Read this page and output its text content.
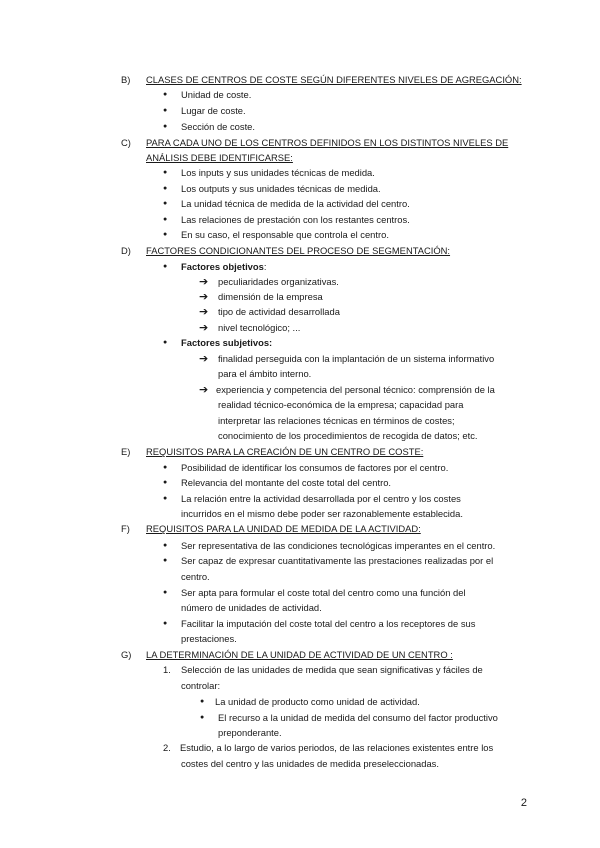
B) CLASES DE CENTROS DE COSTE SEGÚN DIFERENTES NIVELES DE AGREGACIÓN:
● Unidad de coste.
● Lugar de coste.
● Sección de coste.
C) PARA CADA UNO DE LOS CENTROS DEFINIDOS EN LOS DISTINTOS NIVELES DE
ANÁLISIS DEBE IDENTIFICARSE:
● Los inputs y sus unidades técnicas de medida.
● Los outputs y sus unidades técnicas de medida.
● La unidad técnica de medida de la actividad del centro.
● Las relaciones de prestación con los restantes centros.
● En su caso, el responsable que controla el centro.
D) FACTORES CONDICIONANTES DEL PROCESO DE SEGMENTACIÓN:
● Factores objetivos:
➔ peculiaridades organizativas.
➔ dimensión de la empresa
➔ tipo de actividad desarrollada
➔ nivel tecnológico; ...
● Factores subjetivos:
➔ finalidad perseguida con la implantación de un sistema informativo
para el ámbito interno.
➔ experiencia y competencia del personal técnico: comprensión de la
realidad técnico-económica de la empresa; capacidad para
interpretar las relaciones técnicas en términos de costes;
conocimiento de los procedimientos de recogida de datos; etc.
E) REQUISITOS PARA LA CREACIÓN DE UN CENTRO DE COSTE:
● Posibilidad de identificar los consumos de factores por el centro.
● Relevancia del montante del coste total del centro.
● La relación entre la actividad desarrollada por el centro y los costes
incurridos en el mismo debe poder ser razonablemente establecida.
F) REQUISITOS PARA LA UNIDAD DE MEDIDA DE LA ACTIVIDAD:
● Ser representativa de las condiciones tecnológicas imperantes en el centro.
● Ser capaz de expresar cuantitativamente las prestaciones realizadas por el
centro.
● Ser apta para formular el coste total del centro como una función del
número de unidades de actividad.
● Facilitar la imputación del coste total del centro a los receptores de sus
prestaciones.
G) LA DETERMINACIÓN DE LA UNIDAD DE ACTIVIDAD DE UN CENTRO :
1. Selección de las unidades de medida que sean significativas y fáciles de
controlar:
● La unidad de producto como unidad de actividad.
● El recurso a la unidad de medida del consumo del factor productivo
preponderante.
2. Estudio, a lo largo de varios periodos, de las relaciones existentes entre los
costes del centro y las unidades de medida preseleccionadas.
2
